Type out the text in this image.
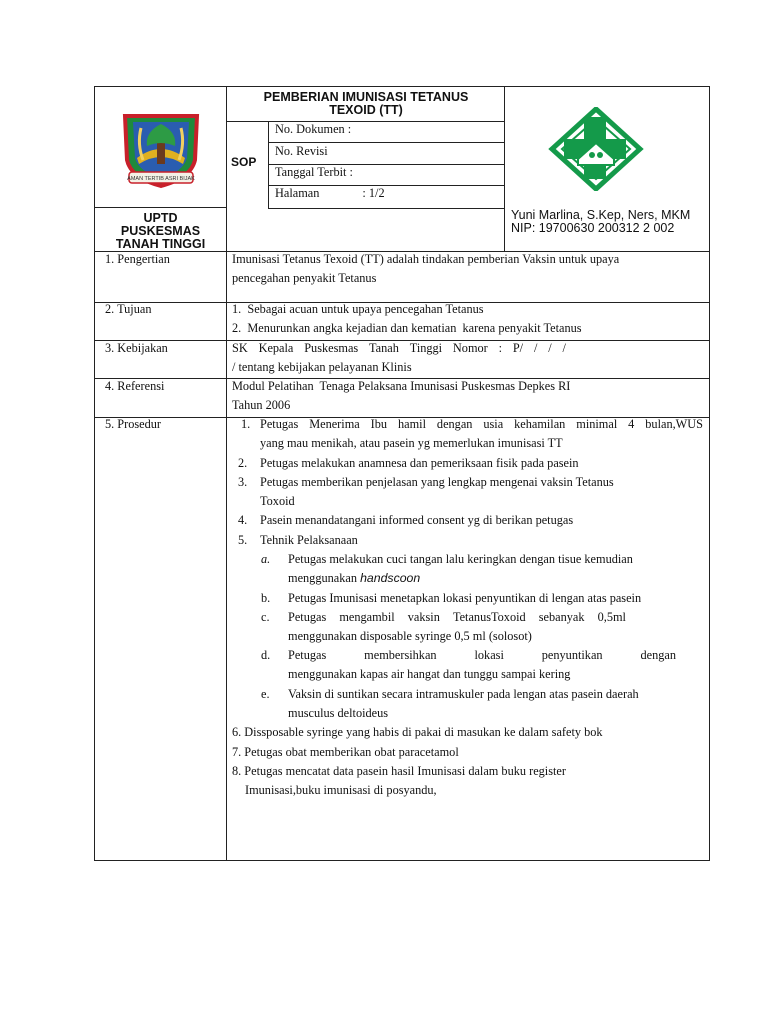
AMAN TERTIB ASRI BIJAK
PEMBERIAN IMUNISASI TETANUS
TEXOID (TT)
SOP
No. Dokumen :
No. Revisi
Tanggal Terbit :
Halaman              : 1/2
UPTD
PUSKESMAS
TANAH TINGGI
Yuni Marlina, S.Kep, Ners, MKM
NIP: 19700630 200312 2 002
1. Pengertian	Imunisasi Tetanus Texoid (TT) adalah tindakan pemberian Vaksin untuk upaya
pencegahan penyakit Tetanus
2. Tujuan	1.  Sebagai acuan untuk upaya pencegahan Tetanus
2.  Menurunkan angka kejadian dan kematian  karena penyakit Tetanus
3. Kebijakan	SK Kepala Puskesmas Tanah Tinggi Nomor : P/ / / /
/ tentang kebijakan pelayanan Klinis
4. Referensi	Modul Pelatihan  Tenaga Pelaksana Imunisasi Puskesmas Depkes RI
Tahun 2006
5. Prosedur	1. Petugas Menerima Ibu hamil dengan usia kehamilan minimal 4 bulan,WUS
yang mau menikah, atau pasein yg memerlukan imunisasi TT
2. Petugas melakukan anamnesa dan pemeriksaan fisik pada pasein
3. Petugas memberikan penjelasan yang lengkap mengenai vaksin Tetanus
Toxoid
4. Pasein menandatangani informed consent yg di berikan petugas
5. Tehnik Pelaksanaan
a. Petugas melakukan cuci tangan lalu keringkan dengan tisue kemudian
menggunakan handscoon
b. Petugas Imunisasi menetapkan lokasi penyuntikan di lengan atas pasein
c. Petugas mengambil vaksin TetanusToxoid sebanyak 0,5ml
menggunakan disposable syringe 0,5 ml (solosot)
d. Petugas	membersihkan	lokasi	penyuntikan	dengan
menggunakan kapas air hangat dan tunggu sampai kering
e. Vaksin di suntikan secara intramuskuler pada lengan atas pasein daerah
musculus deltoideus
6. Dissposable syringe yang habis di pakai di masukan ke dalam safety bok
7. Petugas obat memberikan obat paracetamol
8. Petugas mencatat data pasein hasil Imunisasi dalam buku register
Imunisasi,buku imunisasi di posyandu,
